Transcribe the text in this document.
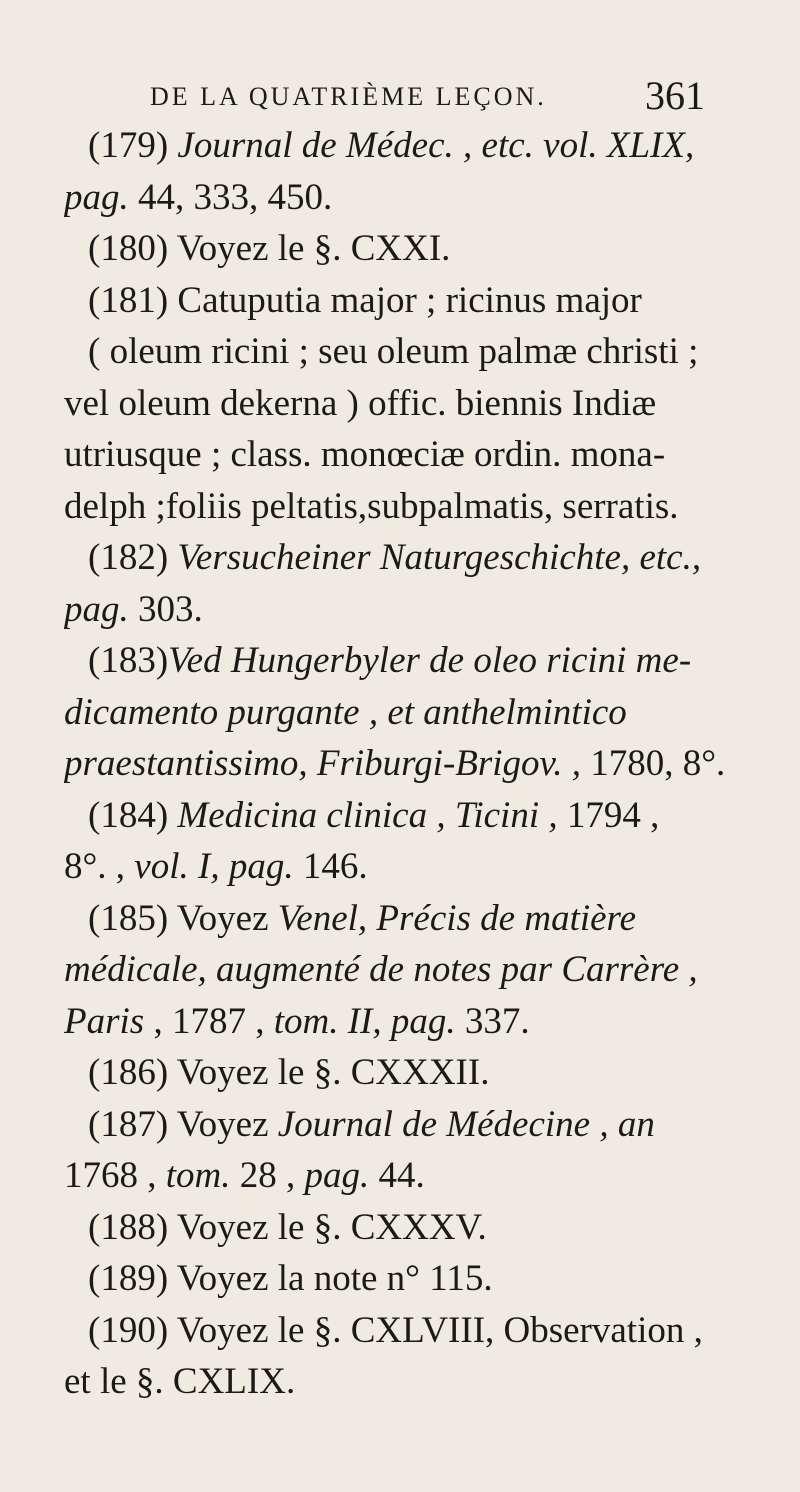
DE LA QUATRIÈME LEÇON. 361
(179) Journal de Médec. , etc. vol. XLIX,
pag. 44, 333, 450.
(180) Voyez le §. CXXI.
(181) Catuputia major ; ricinus major
( oleum ricini ; seu oleum palmæ christi ;
vel oleum dekerna ) offic. biennis Indiæ
utriusque ; class. monœciæ ordin. mona-
delph ;foliis peltatis,subpalmatis, serratis.
(182) Versucheiner Naturgeschichte, etc.,
pag. 303.
(183)Ved Hungerbyler de oleo ricini me-
dicamento purgante , et anthelmintico
praestantissimo, Friburgi-Brigov. , 1780, 8°.
(184) Medicina clinica , Ticini , 1794 ,
8°. , vol. I, pag. 146.
(185) Voyez Venel, Précis de matière
médicale, augmenté de notes par Carrère ,
Paris , 1787 , tom. II, pag. 337.
(186) Voyez le §. CXXXII.
(187) Voyez Journal de Médecine , an
1768 , tom. 28 , pag. 44.
(188) Voyez le §. CXXXV.
(189) Voyez la note n° 115.
(190) Voyez le §. CXLVIII, Observation ,
et le §. CXLIX.
